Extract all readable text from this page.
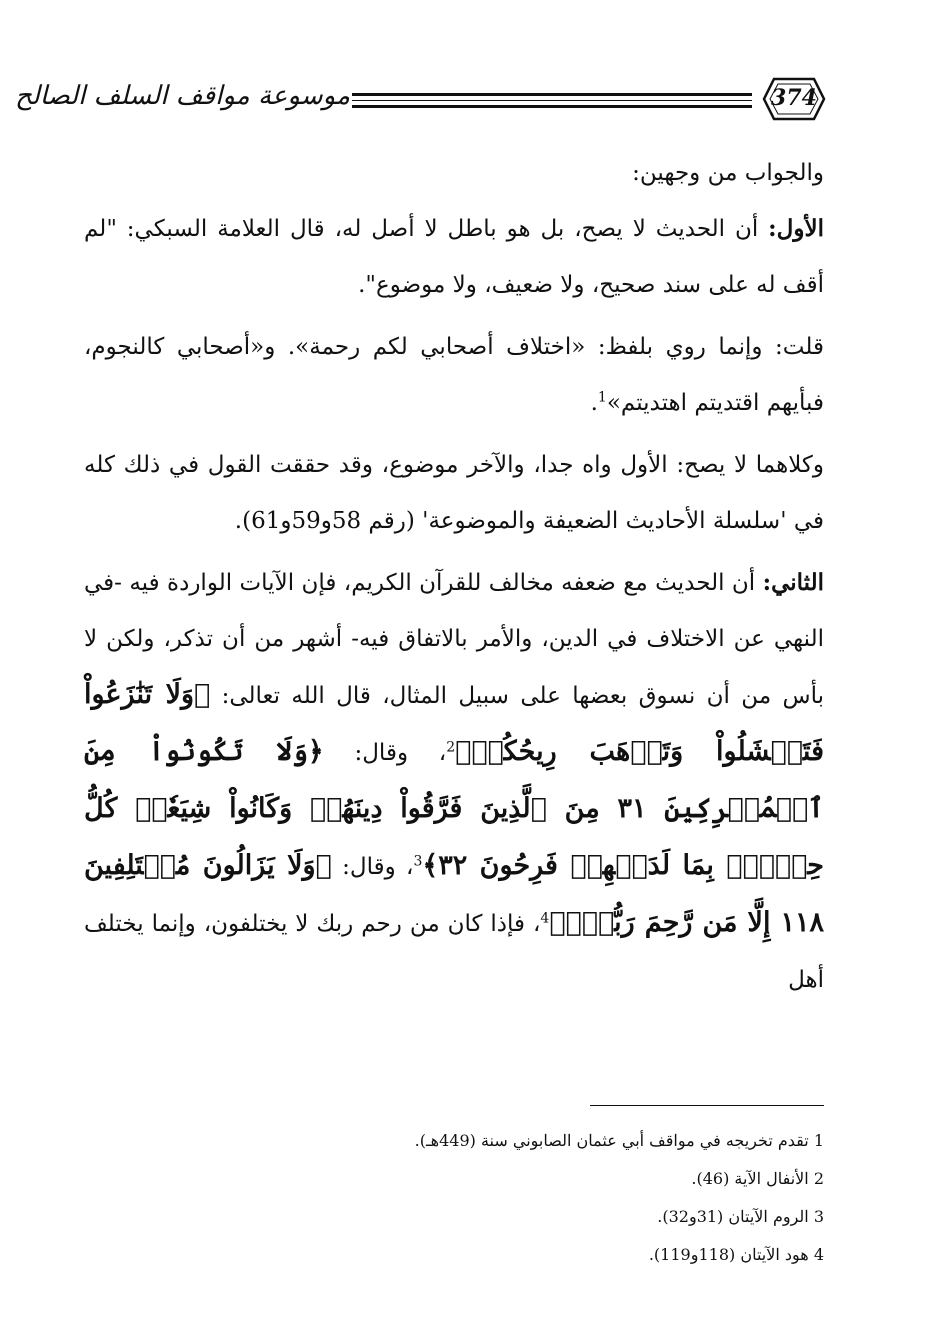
موسوعة مواقف السلف الصالح	374

والجواب من وجهين:

الأول: أن الحديث لا يصح، بل هو باطل لا أصل له، قال العلامة السبكي: "لم أقف له على سند صحيح، ولا ضعيف، ولا موضوع".

قلت: وإنما روي بلفظ: «اختلاف أصحابي لكم رحمة». و«أصحابي كالنجوم، فبأيهم اقتديتم اهتديتم»$^1$.

وكلاهما لا يصح: الأول واه جدا، والآخر موضوع، وقد حققت القول في ذلك كله في 'سلسلة الأحاديث الضعيفة والموضوعة' (رقم 58و59و61).

الثاني: أن الحديث مع ضعفه مخالف للقرآن الكريم، فإن الآيات الواردة فيه -في النهي عن الاختلاف في الدين، والأمر بالاتفاق فيه- أشهر من أن تذكر، ولكن لا بأس من أن نسوق بعضها على سبيل المثال، قال الله تعالى: ﴿وَلَا تَنَٰزَعُواْ فَتَفۡشَلُواْ وَتَذۡهَبَ رِيحُكُمۡ﴾$^2$، وقال: ﴿وَلَا تَكُونُواْ مِنَ ٱلۡمُشۡرِكِينَ ٣١ مِنَ ٱلَّذِينَ فَرَّقُواْ دِينَهُمۡ وَكَانُواْ شِيَعٗاۖ كُلُّ حِزۡبِۭ بِمَا لَدَيۡهِمۡ فَرِحُونَ ٣٢﴾$^3$، وقال: ﴿وَلَا يَزَالُونَ مُخۡتَلِفِينَ ١١٨ إِلَّا مَن رَّحِمَ رَبُّكَۚ﴾$^4$، فإذا كان من رحم ربك لا يختلفون، وإنما يختلف أهل

1 تقدم تخريجه في مواقف أبي عثمان الصابوني سنة (449هـ).
2 الأنفال الآية (46).
3 الروم الآيتان (31و32).
4 هود الآيتان (118و119).
